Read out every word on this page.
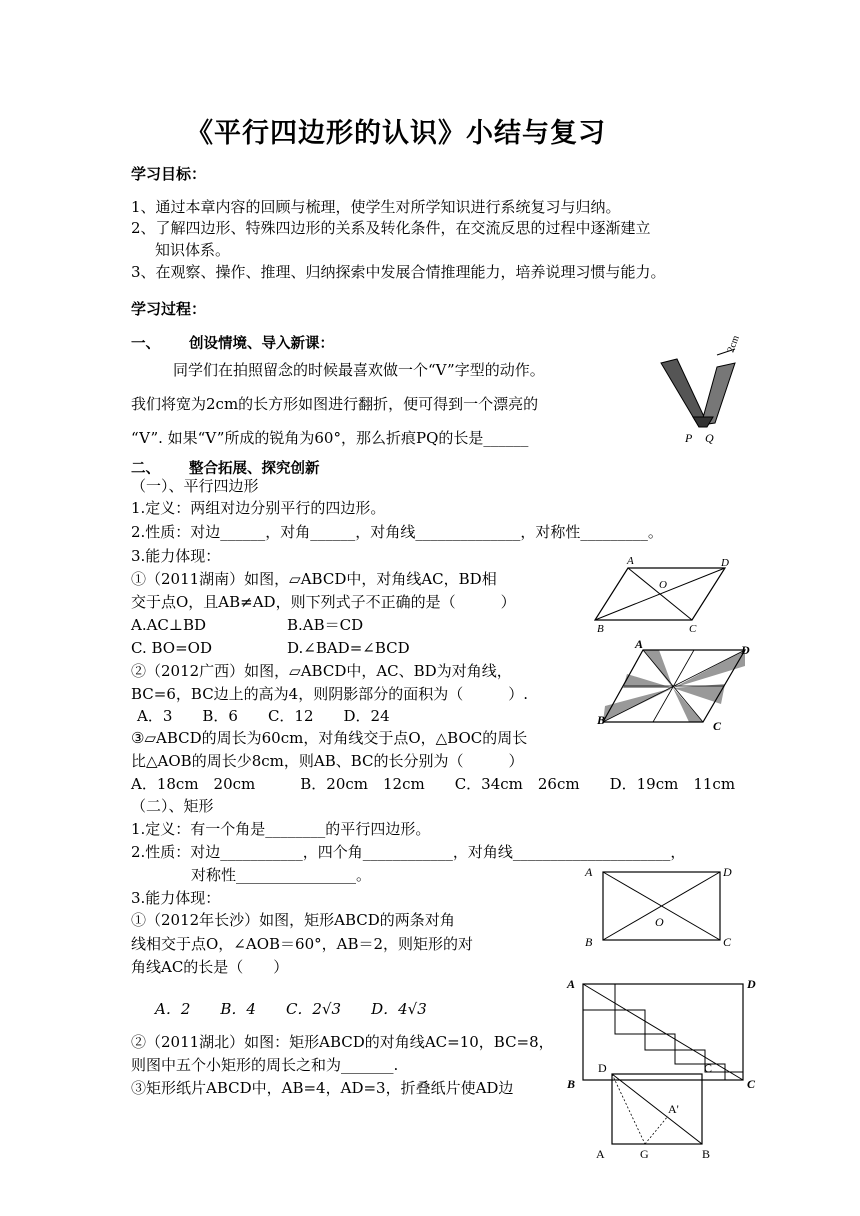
《平行四边形的认识》小结与复习
学习目标：
1、通过本章内容的回顾与梳理，使学生对所学知识进行系统复习与归纳。
2、了解四边形、特殊四边形的关系及转化条件，在交流反思的过程中逐渐建立
知识体系。
3、在观察、操作、推理、归纳探索中发展合情推理能力，培养说理习惯与能力。
学习过程：
一、 创设情境、导入新课：
同学们在拍照留念的时候最喜欢做一个“V”字型的动作。
我们将宽为2cm的长方形如图进行翻折，便可得到一个漂亮的
“V”. 如果“V”所成的锐角为60°，那么折痕PQ的长是______
2cm
60°
P Q
二、 整合拓展、探究创新
（一）、平行四边形
1.定义：两组对边分别平行的四边形。
2.性质：对边______，对角______，对角线______________，对称性_________。
3.能力体现：
①（2011湖南）如图，▱ABCD中，对角线AC，BD相
交于点O，且AB≠AD，则下列式子不正确的是（　　　）
A.AC⊥BD	B.AB＝CD
C. BO=OD	D.∠BAD=∠BCD
②（2012广西）如图，▱ABCD中，AC、BD为对角线，
BC=6，BC边上的高为4，则阴影部分的面积为（　　　）.
A．3　　B．6　　C．12　　D．24
③▱ABCD的周长为60cm，对角线交于点O，△BOC的周长
比△AOB的周长少8cm，则AB、BC的长分别为（　　　）
A．18cm　20cm　　　B．20cm　12cm　　C．34cm　26cm　　D．19cm　11cm
A	D
O
B	C
A	D
B	C
（二）、矩形
1.定义：有一个角是________的平行四边形。
2.性质：对边___________，四个角____________，对角线_____________________，
对称性________________。
3.能力体现：
①（2012年长沙）如图，矩形ABCD的两条对角
线相交于点O，∠AOB＝60°，AB＝2，则矩形的对
角线AC的长是（　　）
A．2　　B．4　　C．2√3　　D．4√3
②（2011湖北）如图：矩形ABCD的对角线AC=10，BC=8，
则图中五个小矩形的周长之和为_______.
③矩形纸片ABCD中，AB=4，AD=3，折叠纸片使AD边
A	D
O
B	C
A	D
B	C
D	C
A'
A	G	B
